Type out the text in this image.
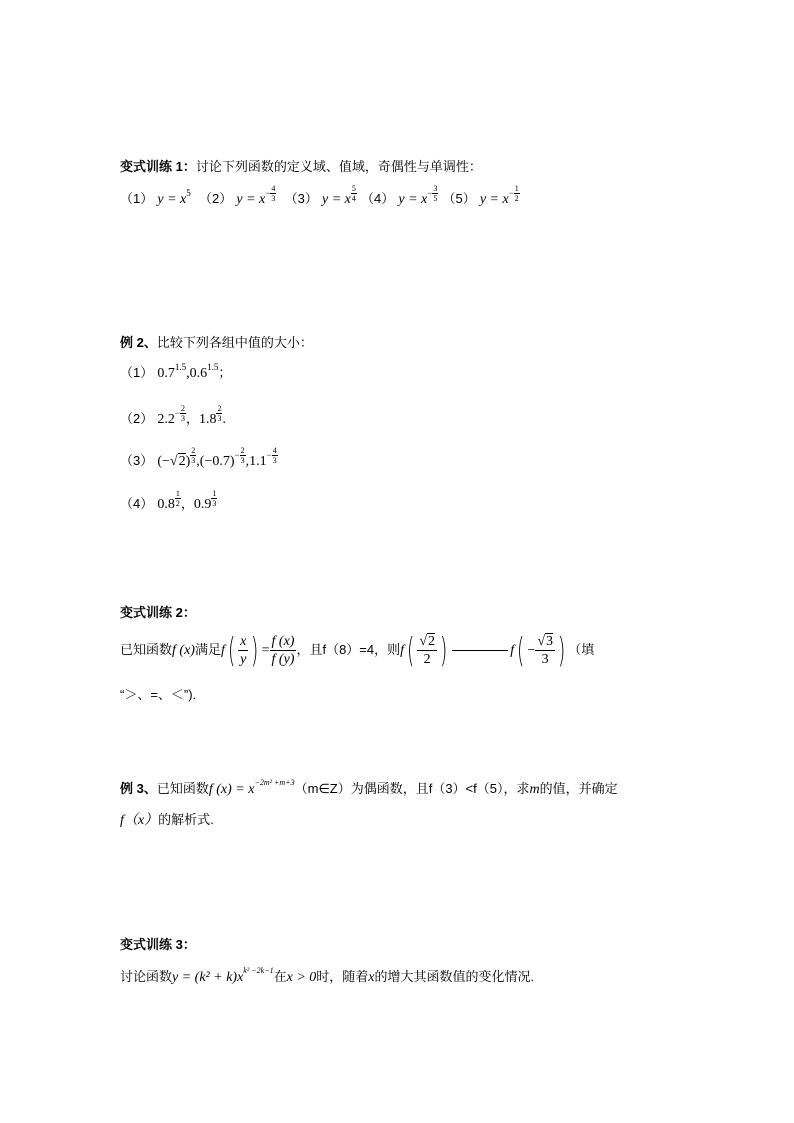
变式训练 1：讨论下列函数的定义域、值域，奇偶性与单调性：
（1） $y = x^5$ （2） $y = x^- \frac{4}{3} (3) y = x \frac{5}{4} (4) y = x^- \frac{3}{5} (5) y = x^- \frac{1}{2}$
例 2、比较下列各组中值的大小：
（1） $0.7^{1.5},0.6^{1.5}$；
（2） $2.2^- \frac{2}{3}$ ，$1.8 \frac{2}{3}$ .
（3） $(-√2) \frac{2}{3} ,(-0.7)^- \frac{2}{3} ,1.1^- \frac{4}{3}$
（4） $0.8 \frac{1}{2}$ ，$0.9 \frac{1}{3}$
变式训练 2：
已知函数f (x)满足$f( \frac{x}{y}$ ) = $\frac{f (x)}{f (y)}$ ，且f（8）=4，则$f( \frac{√2}{2}$ )	$f( - \frac{√3}{3}$ ) （填
“＞、=、＜”).
例 3、已知函数f $(x) = x^{-2m^2 +m+3}(m\in Z)$为偶函数，且f（3）<f（5），求m的值，并确定
f（x）的解析式.
变式训练 3：
讨论函数$y = (k^2 + k)x^{k^2 -2k-1}$在x > 0时，随着x的增大其函数值的变化情况.
